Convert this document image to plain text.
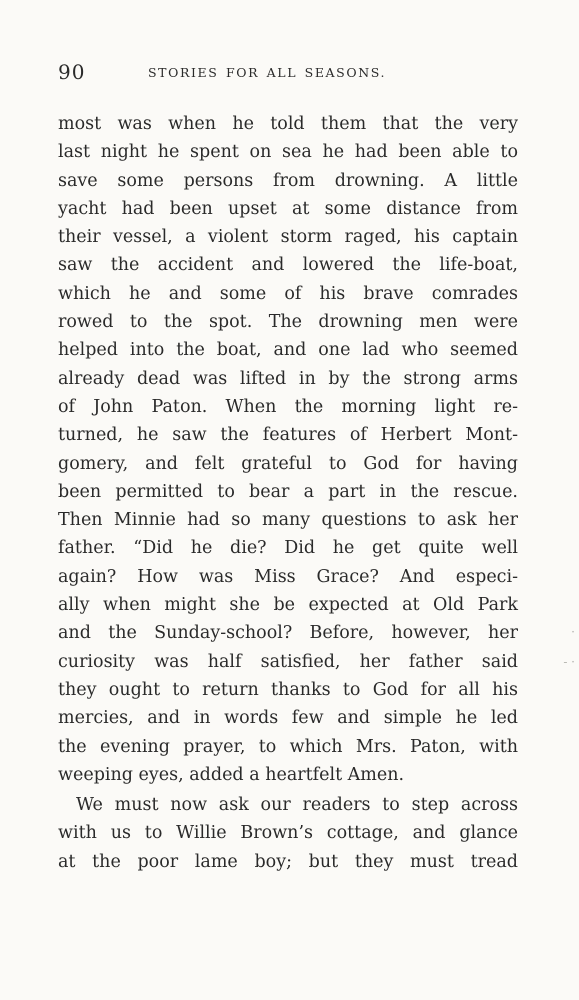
90	STORIES FOR ALL SEASONS.
most was when he told them that the very
last night he spent on sea he had been able to
save some persons from drowning. A little
yacht had been upset at some distance from
their vessel, a violent storm raged, his captain
saw the accident and lowered the life-boat,
which he and some of his brave comrades
rowed to the spot. The drowning men were
helped into the boat, and one lad who seemed
already dead was lifted in by the strong arms
of John Paton. When the morning light re-
turned, he saw the features of Herbert Mont-
gomery, and felt grateful to God for having
been permitted to bear a part in the rescue.
Then Minnie had so many questions to ask her
father. “Did he die? Did he get quite well
again? How was Miss Grace? And especi-
ally when might she be expected at Old Park
and the Sunday-school? Before, however, her
curiosity was half satisfied, her father said
they ought to return thanks to God for all his
mercies, and in words few and simple he led
the evening prayer, to which Mrs. Paton, with
weeping eyes, added a heartfelt Amen.
We must now ask our readers to step across
with us to Willie Brown’s cottage, and glance
at the poor lame boy; but they must tread
·
- ·
